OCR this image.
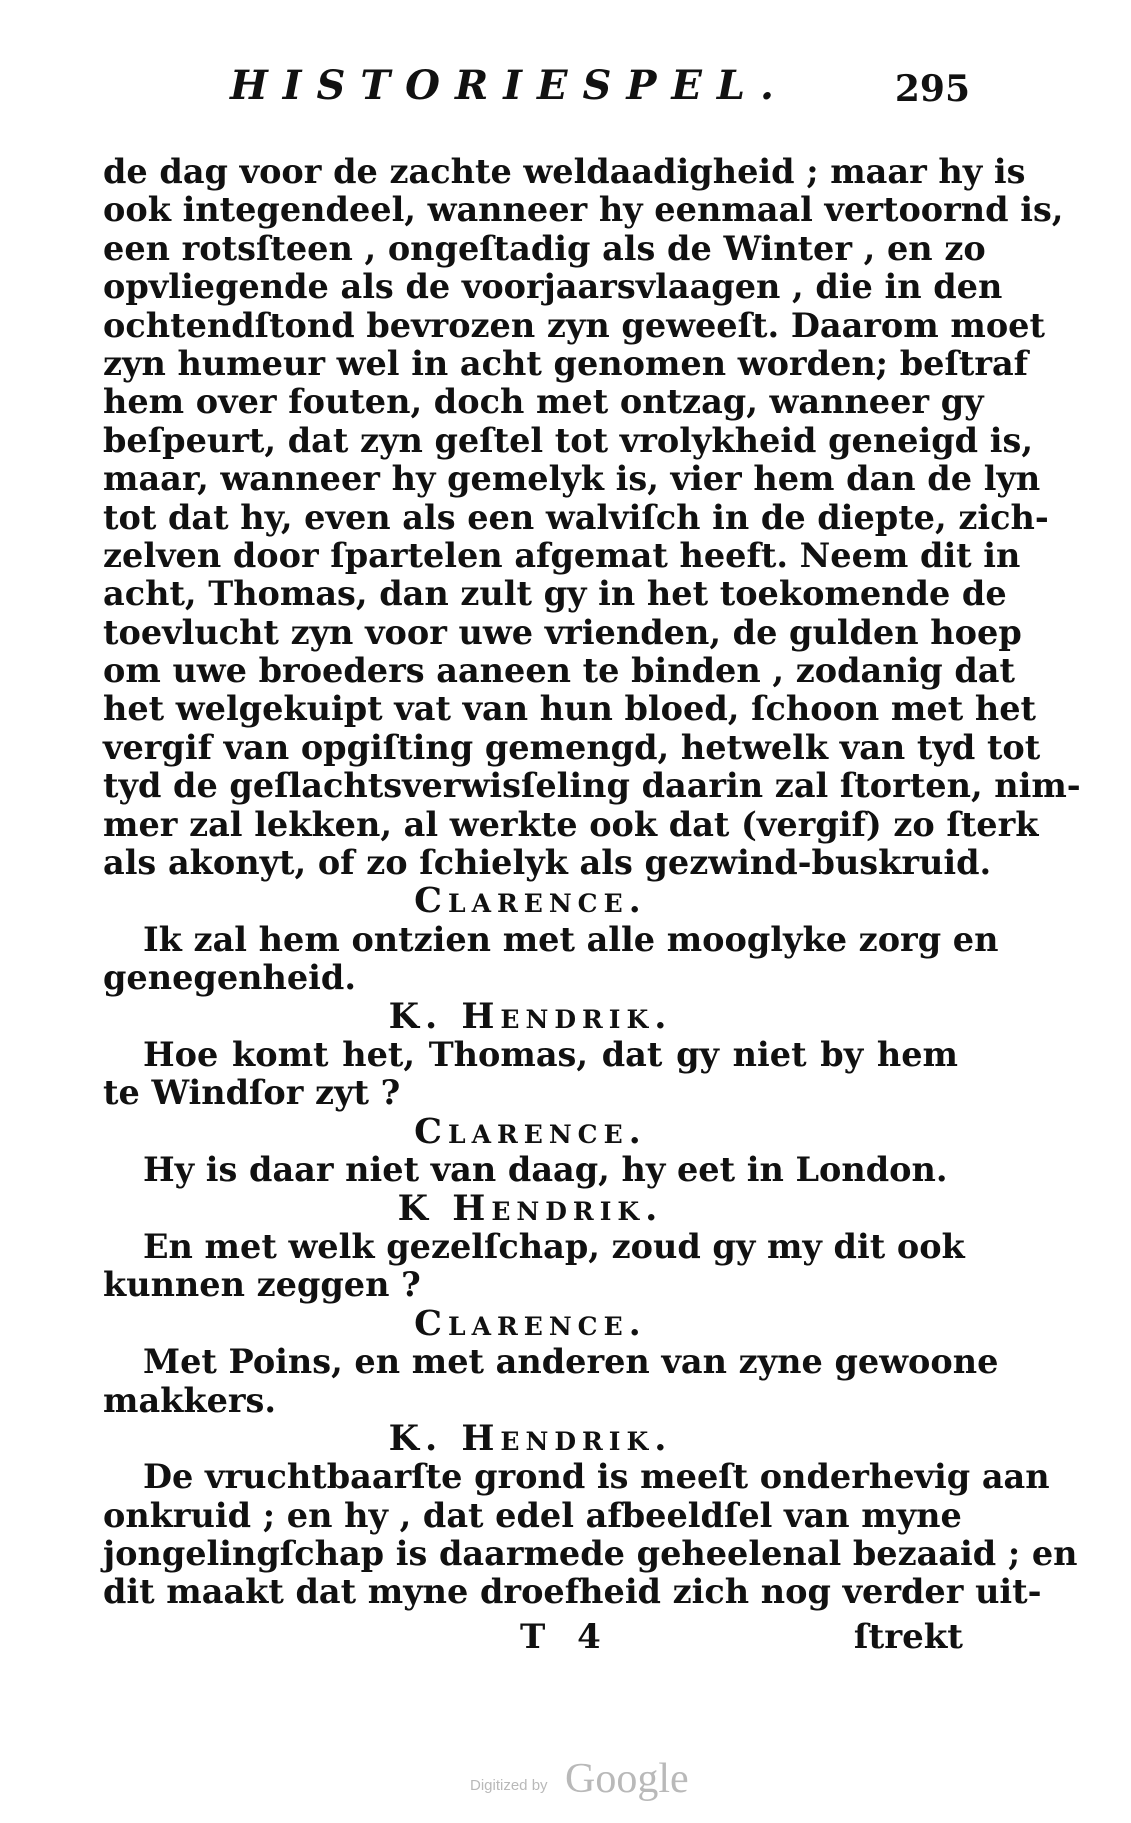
HISTORIESPEL.	295
de dag voor de zachte weldaadigheid ; maar hy is
ook integendeel, wanneer hy eenmaal vertoornd is,
een rotsſteen , ongeſtadig als de Winter , en zo
opvliegende als de voorjaarsvlaagen , die in den
ochtendſtond bevrozen zyn geweeſt. Daarom moet
zyn humeur wel in acht genomen worden; beſtraf
hem over fouten, doch met ontzag, wanneer gy
beſpeurt, dat zyn geſtel tot vrolykheid geneigd is,
maar, wanneer hy gemelyk is, vier hem dan de lyn
tot dat hy, even als een walviſch in de diepte, zich-
zelven door ſpartelen afgemat heeft. Neem dit in
acht, Thomas, dan zult gy in het toekomende de
toevlucht zyn voor uwe vrienden, de gulden hoep
om uwe broeders aaneen te binden , zodanig dat
het welgekuipt vat van hun bloed, ſchoon met het
vergif van opgiſting gemengd, hetwelk van tyd tot
tyd de geſlachtsverwisſeling daarin zal ſtorten, nim-
mer zal lekken, al werkte ook dat (vergif) zo ſterk
als akonyt, of zo ſchielyk als gezwind-buskruid.
Clarence.
Ik zal hem ontzien met alle mooglyke zorg en
genegenheid.
K. Hendrik.
Hoe komt het, Thomas, dat gy niet by hem
te Windſor zyt ?
Clarence.
Hy is daar niet van daag, hy eet in London.
K Hendrik.
En met welk gezelſchap, zoud gy my dit ook
kunnen zeggen ?
Clarence.
Met Poins, en met anderen van zyne gewoone
makkers.
K. Hendrik.
De vruchtbaarſte grond is meeſt onderhevig aan
onkruid ; en hy , dat edel afbeeldſel van myne
jongelingſchap is daarmede geheelenal bezaaid ; en
dit maakt dat myne droefheid zich nog verder uit-
T 4	ſtrekt
Digitized by Google
